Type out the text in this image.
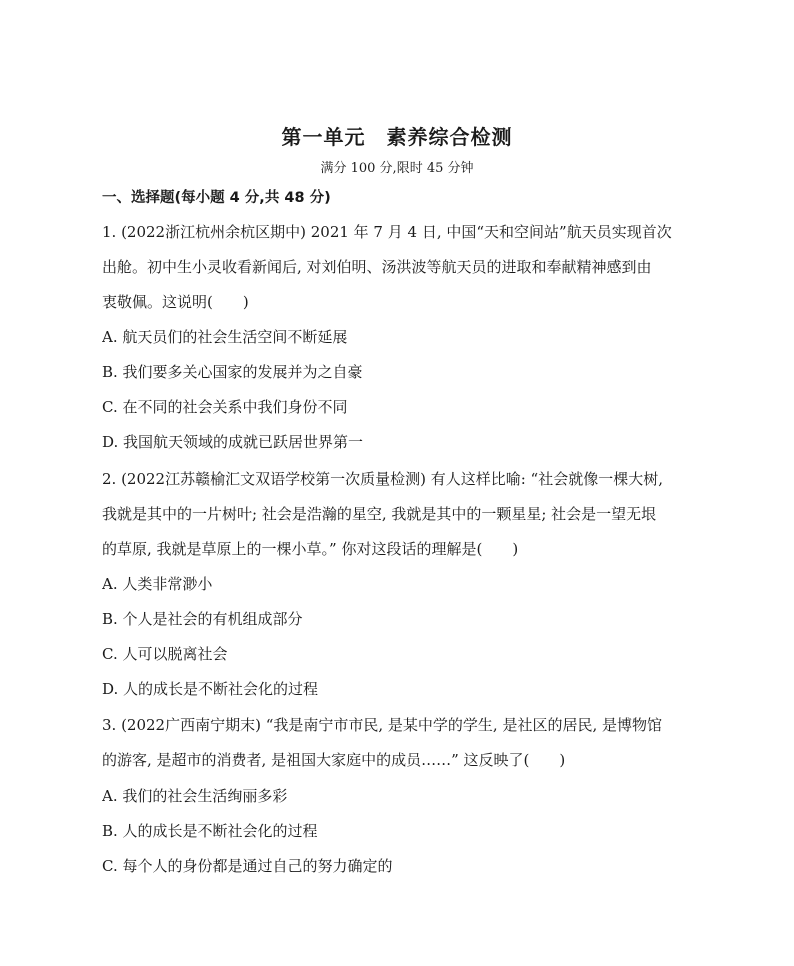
第一单元　素养综合检测
满分 100 分,限时 45 分钟
一、选择题(每小题 4 分,共 48 分)
1. (2022浙江杭州余杭区期中) 2021 年 7 月 4 日, 中国“天和空间站”航天员实现首次
出舱。初中生小灵收看新闻后, 对刘伯明、汤洪波等航天员的进取和奉献精神感到由
衷敬佩。这说明(　　)
A. 航天员们的社会生活空间不断延展
B. 我们要多关心国家的发展并为之自豪
C. 在不同的社会关系中我们身份不同
D. 我国航天领域的成就已跃居世界第一
2. (2022江苏赣榆汇文双语学校第一次质量检测) 有人这样比喻: “社会就像一棵大树,
我就是其中的一片树叶; 社会是浩瀚的星空, 我就是其中的一颗星星; 社会是一望无垠
的草原, 我就是草原上的一棵小草。” 你对这段话的理解是(　　)
A. 人类非常渺小
B. 个人是社会的有机组成部分
C. 人可以脱离社会
D. 人的成长是不断社会化的过程
3. (2022广西南宁期末) “我是南宁市市民, 是某中学的学生, 是社区的居民, 是博物馆
的游客, 是超市的消费者, 是祖国大家庭中的成员……” 这反映了(　　)
A. 我们的社会生活绚丽多彩
B. 人的成长是不断社会化的过程
C. 每个人的身份都是通过自己的努力确定的
